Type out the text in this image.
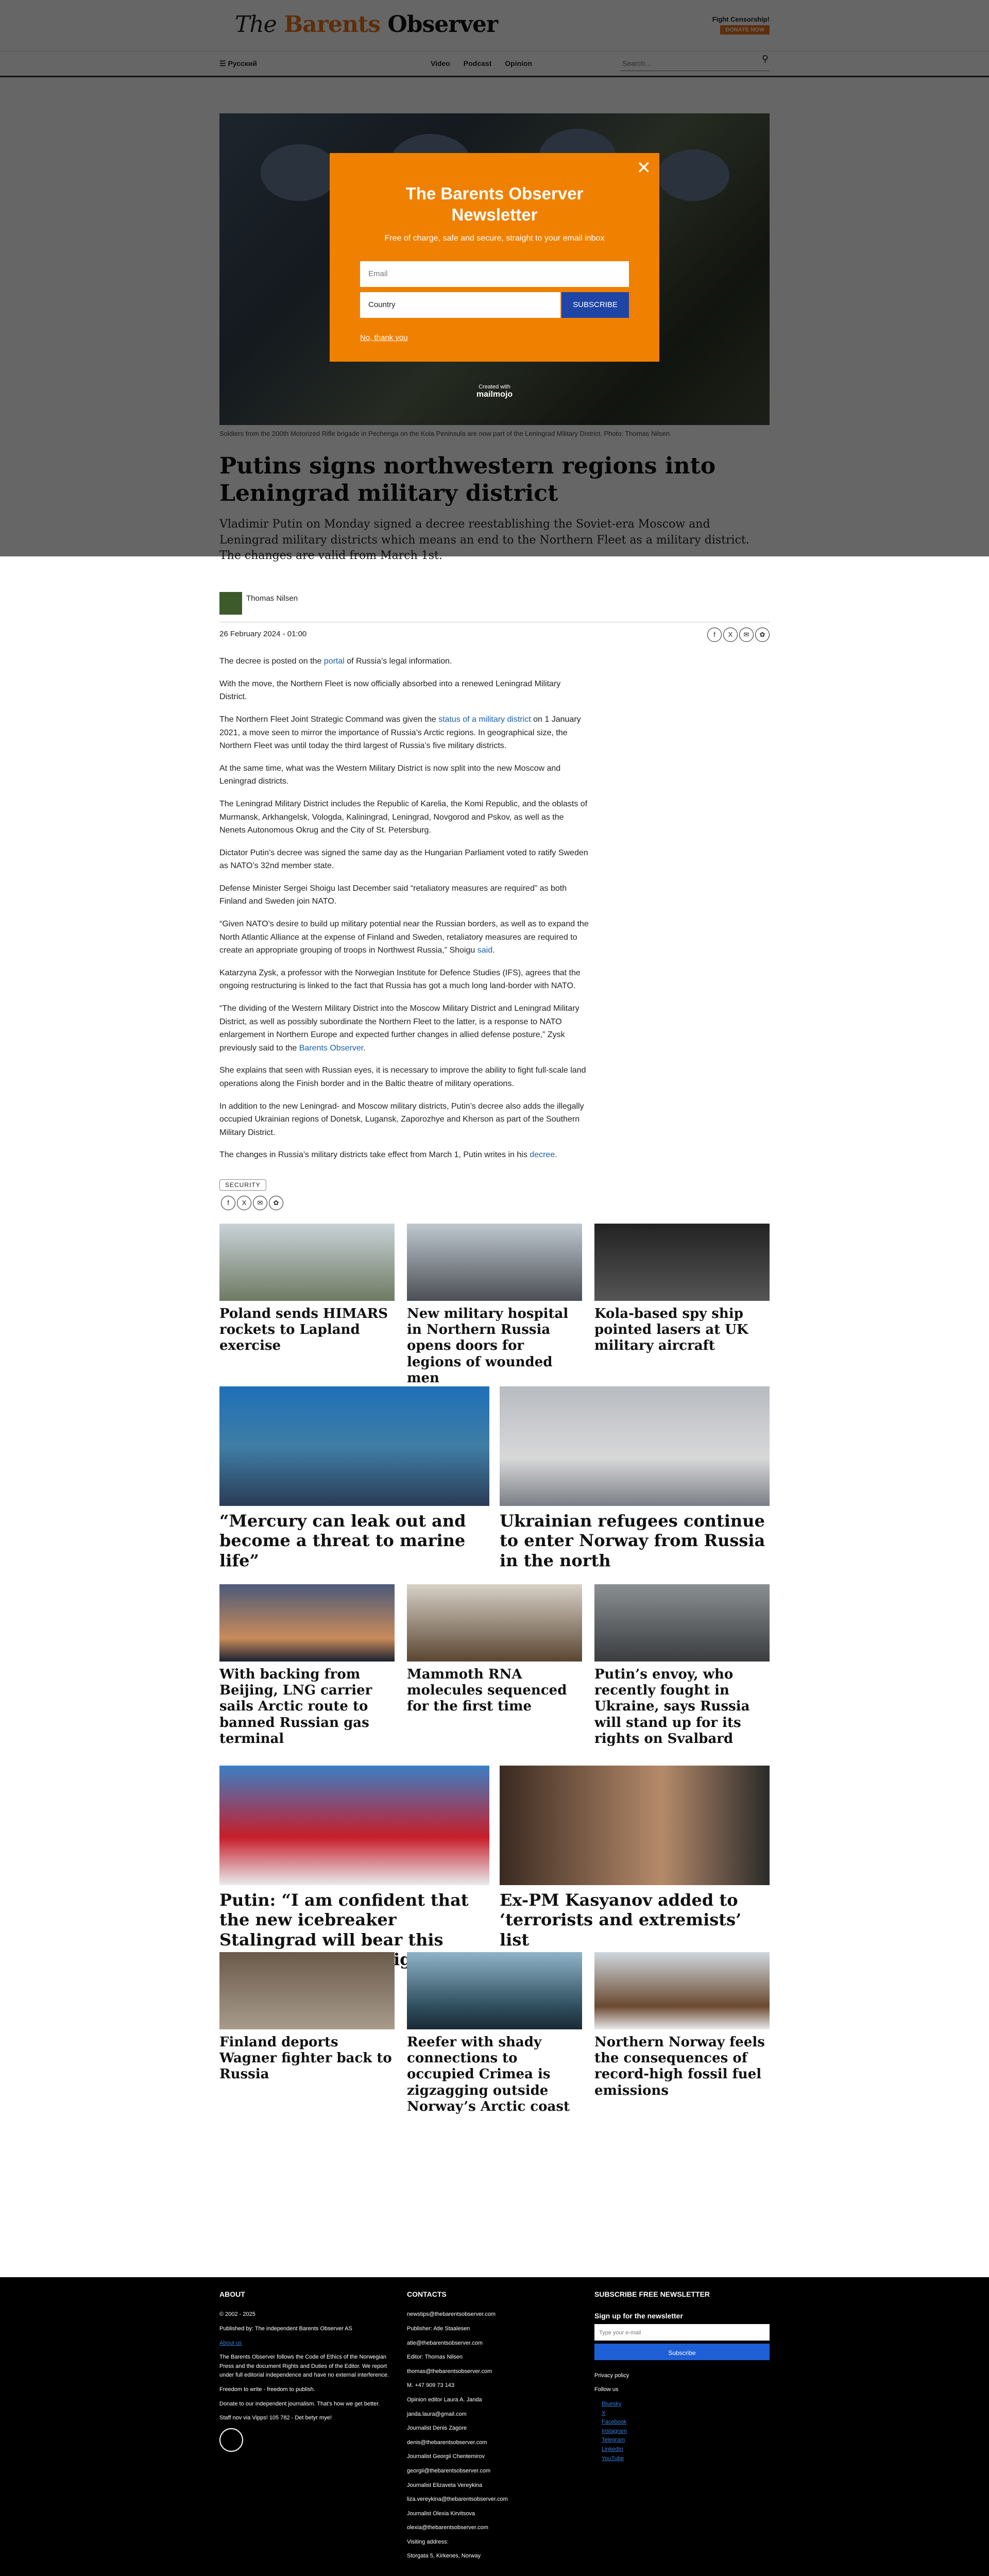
Thomas Nilsen
26 February 2024 - 01:00	f X ✉ ✿

The decree is posted on the portal of Russia’s legal information.

With the move, the Northern Fleet is now officially absorbed into a renewed Leningrad Military District.

The Northern Fleet Joint Strategic Command was given the status of a military district on 1 January 2021, a move seen to mirror the importance of Russia’s Arctic regions. In geographical size, the Northern Fleet was until today the third largest of Russia’s five military districts.

At the same time, what was the Western Military District is now split into the new Moscow and Leningrad districts.

The Leningrad Military District includes the Republic of Karelia, the Komi Republic, and the oblasts of Murmansk, Arkhangelsk, Vologda, Kaliningrad, Leningrad, Novgorod and Pskov, as well as the Nenets Autonomous Okrug and the City of St. Petersburg.

Dictator Putin’s decree was signed the same day as the Hungarian Parliament voted to ratify Sweden as NATO’s 32nd member state.

Defense Minister Sergei Shoigu last December said “retaliatory measures are required” as both Finland and Sweden join NATO.

“Given NATO’s desire to build up military potential near the Russian borders, as well as to expand the North Atlantic Alliance at the expense of Finland and Sweden, retaliatory measures are required to create an appropriate grouping of troops in Northwest Russia,” Shoigu said.

Katarzyna Zysk, a professor with the Norwegian Institute for Defence Studies (IFS), agrees that the ongoing restructuring is linked to the fact that Russia has got a much long land-border with NATO.

“The dividing of the Western Military District into the Moscow Military District and Leningrad Military District, as well as possibly subordinate the Northern Fleet to the latter, is a response to NATO enlargement in Northern Europe and expected further changes in allied defense posture,” Zysk previously said to the Barents Observer.

She explains that seen with Russian eyes, it is necessary to improve the ability to fight full-scale land operations along the Finish border and in the Baltic theatre of military operations.

In addition to the new Leningrad- and Moscow military districts, Putin’s decree also adds the illegally occupied Ukrainian regions of Donetsk, Lugansk, Zaporozhye and Kherson as part of the Southern Military District.

The changes in Russia’s military districts take effect from March 1, Putin writes in his decree.

SECURITY
f X ✉ ✿
Poland sends HIMARS rockets to Lapland exercise
New military hospital in Northern Russia opens doors for legions of wounded men
Kola-based spy ship pointed lasers at UK military aircraft
“Mercury can leak out and become a threat to marine life”
Ukrainian refugees continue to enter Norway from Russia in the north
With backing from Beijing, LNG carrier sails Arctic route to banned Russian gas terminal
Mammoth RNA molecules sequenced for the first time
Putin’s envoy, who recently fought in Ukraine, says Russia will stand up for its rights on Svalbard
Putin: “I am confident that the new icebreaker Stalingrad will bear this
Ex-PM Kasyanov added to ‘terrorists and extremists’ list
Finland deports Wagner fighter back to Russia
Reefer with shady connections to occupied Crimea is zigzagging outside Norway’s Arctic coast
Northern Norway feels the consequences of record-high fossil fuel emissions
ABOUT

© 2002 - 2025

Published by: The independent Barents Observer AS

About us

The Barents Observer follows the Code of Ethics of the Norwegian Press and the document Rights and Duties of the Editor. We report under full editorial independence and have no external interference.

Freedom to write - freedom to publish.

Donate to our independent journalism. That's how we get better.

Staff nov via Vipps! 105 782 - Det betyr mye!

CONTACTS

newstips@thebarentsobserver.com

Publisher: Atle Staalesen

atle@thebarentsobserver.com

Editor: Thomas Nilsen

thomas@thebarentsobserver.com

M. +47 909 73 143

Opinion editor Laura A. Janda

janda.laura@gmail.com

Journalist Denis Zagore

denis@thebarentsobserver.com

Journalist Georgii Chentemirov

georgii@thebarentsobserver.com

Journalist Elizaveta Vereykina

liza.vereykina@thebarentsobserver.com

Journalist Olexia Kirvitsova

olexia@thebarentsobserver.com

Visiting address:

Storgata 5, Kirkenes, Norway

SUBSCRIBE FREE NEWSLETTER

Sign up for the newsletter

Type your e-mail
Subscribe

Privacy policy

Follow us

Bluesky
X
Facebook
Instagram
Telegram
LinkedIn
YouTube
✕
The Barents Observer
Newsletter
Free of charge, safe and secure, straight to your email inbox
Email
Country	SUBSCRIBE
No, thank you
Created with
mailmojo
